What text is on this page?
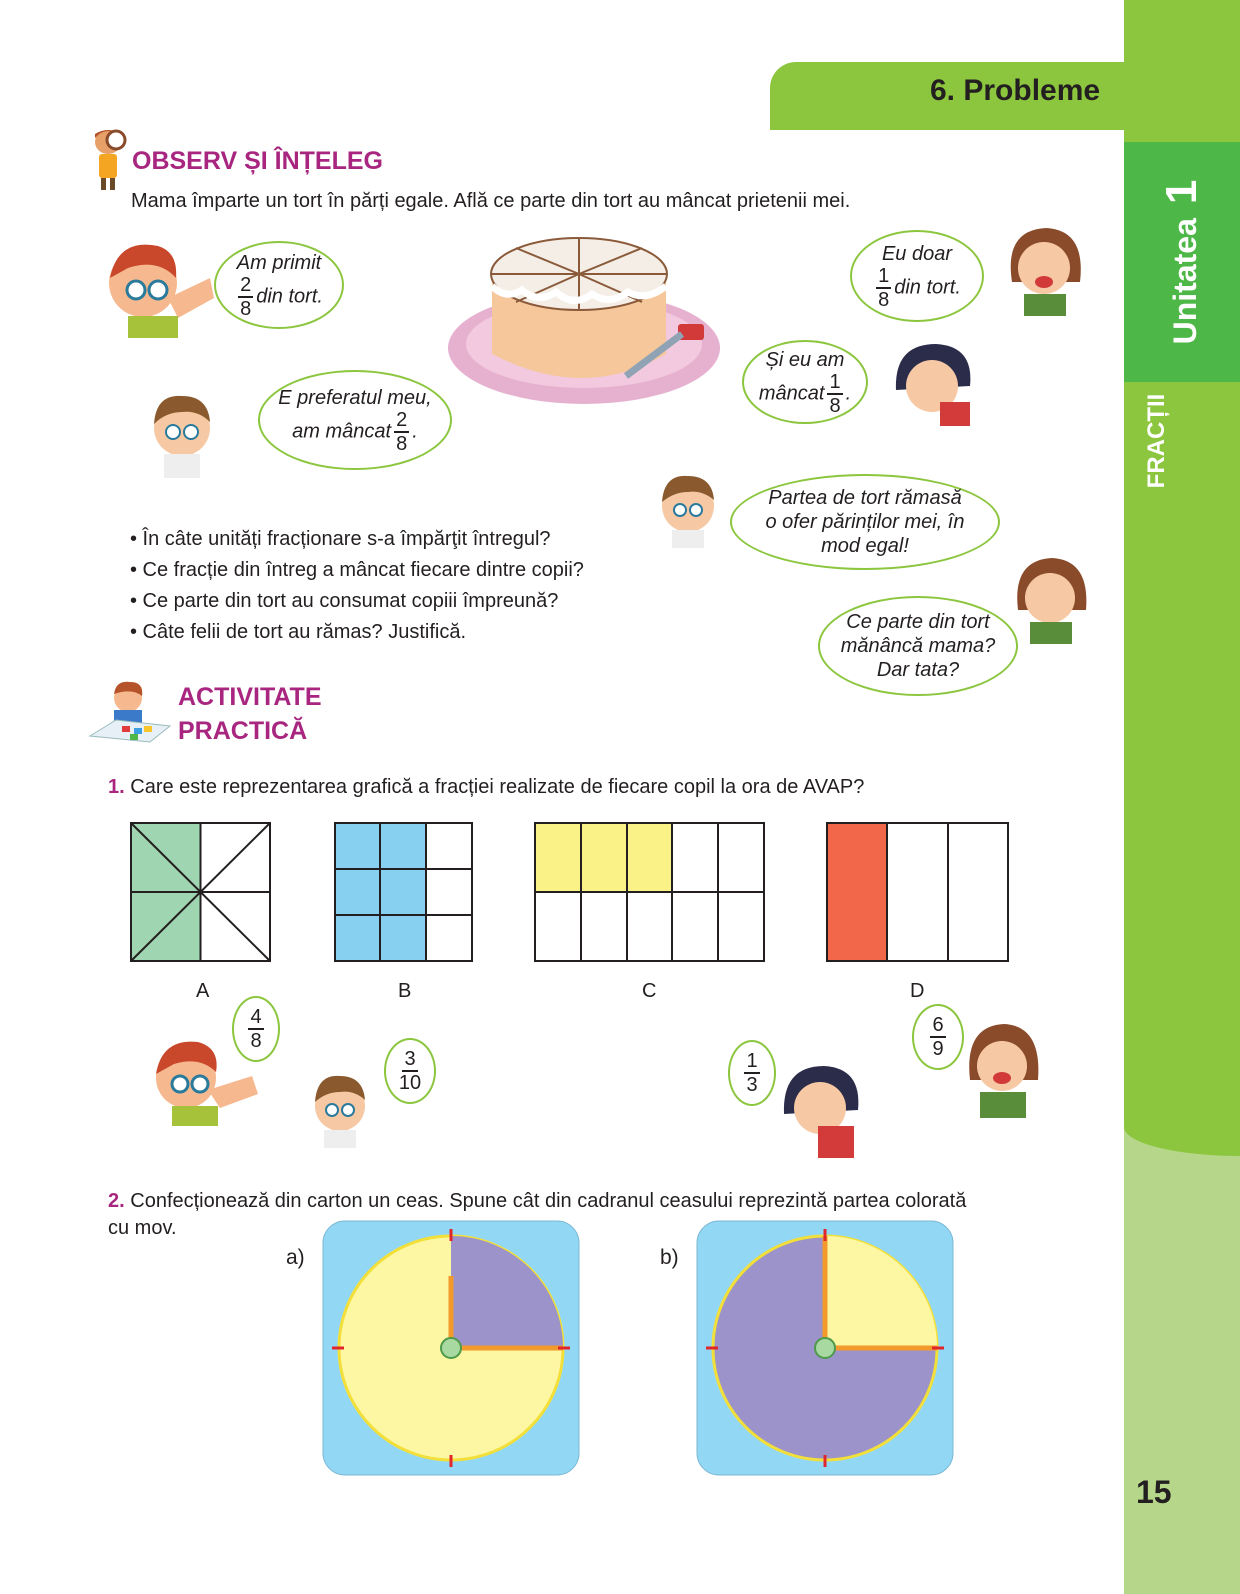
Unitatea1
FRACȚII
15
6. Probleme
OBSERV ȘI ÎNȚELEG
Mama împarte un tort în părți egale. Află ce parte din tort au mâncat prietenii mei.
Am primit
$\frac{2}{8}$ din tort.
E preferatul meu,
am mâncat $\frac{2}{8}$ .
Eu doar
$\frac{1}{8}$ din tort.
Și eu am
mâncat $\frac{1}{8}$ .
Partea de tort rămasă o ofer părinților mei, în mod egal!
Ce parte din tort mănâncă mama? Dar tata?
• În câte unități fracționare s-a împărţit întregul?
• Ce fracție din întreg a mâncat fiecare dintre copii?
• Ce parte din tort au consumat copiii împreună?
• Câte felii de tort au rămas? Justifică.
ACTIVITATE
PRACTICĂ
1. Care este reprezentarea grafică a fracției realizate de fiecare copil la ora de AVAP?
A	B	C	D
$\frac{4}{8}$
$\frac{3}{10}$	$\frac{1}{3}$
$\frac{6}{9}$
2. Confecționează din carton un ceas. Spune cât din cadranul ceasului reprezintă partea colorată
cu mov.
a)	b)
